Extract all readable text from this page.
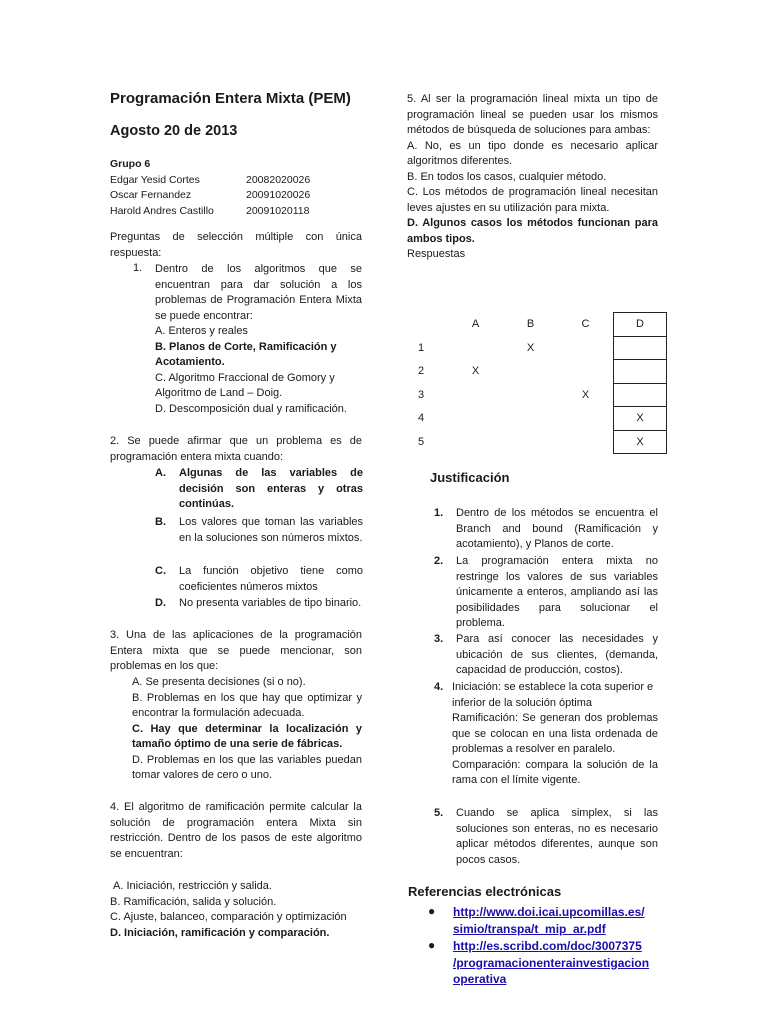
Programación Entera Mixta (PEM)
Agosto 20 de 2013
Grupo 6
Edgar Yesid Cortes	20082020026
Oscar Fernandez	20091020026
Harold Andres Castillo	20091020118
Preguntas de selección múltiple con única respuesta:
1. Dentro de los algoritmos que se encuentran para dar solución a los problemas de Programación Entera Mixta se puede encontrar:
A. Enteros y reales
B. Planos de Corte, Ramificación y Acotamiento.
C. Algoritmo Fraccional de Gomory y Algoritmo de Land – Doig.
D. Descomposición dual y ramificación.
2. Se puede afirmar que un problema es de programación entera mixta cuando:
A. Algunas de las variables de decisión son enteras y otras continúas.
B. Los valores que toman las variables en la soluciones son números mixtos.
C. La función objetivo tiene como coeficientes números mixtos
D. No presenta variables de tipo binario.
3. Una de las aplicaciones de la programación Entera mixta que se puede mencionar, son problemas en los que:
A. Se presenta decisiones (si o no).
B. Problemas en los que hay que optimizar y encontrar la formulación adecuada.
C. Hay que determinar la localización y tamaño óptimo de una serie de fábricas.
D. Problemas en los que las variables puedan tomar valores de cero o uno.
4. El algoritmo de ramificación permite calcular la solución de programación entera Mixta sin restricción. Dentro de los pasos de este algoritmo se encuentran:
A. Iniciación, restricción y salida.
B. Ramificación, salida y solución.
C. Ajuste, balanceo, comparación y optimización
D. Iniciación, ramificación y comparación.
5. Al ser la programación lineal mixta un tipo de programación lineal se pueden usar los mismos métodos de búsqueda de soluciones para ambas:
A. No, es un tipo donde es necesario aplicar algoritmos diferentes.
B. En todos los casos, cualquier método.
C. Los métodos de programación lineal necesitan leves ajustes en su utilización para mixta.
D. Algunos casos los métodos funcionan para ambos tipos.
Respuestas
	A	B	C	D
1		X		
2	X			
3			X	
4				X
5				X
Justificación
1. Dentro de los métodos se encuentra el Branch and bound (Ramificación y acotamiento), y Planos de corte.
2. La programación entera mixta no restringe los valores de sus variables únicamente a enteros, ampliando así las posibilidades para solucionar el problema.
3. Para así conocer las necesidades y ubicación de sus clientes, (demanda, capacidad de producción, costos).
4. Iniciación: se establece la cota superior e inferior de la solución óptima
Ramificación: Se generan dos problemas que se colocan en una lista ordenada de problemas a resolver en paralelo.
Comparación: compara la solución de la rama con el límite vigente.
5. Cuando se aplica simplex, si las soluciones son enteras, no es necesario aplicar métodos diferentes, aunque son pocos casos.
Referencias electrónicas
● http://www.doi.icai.upcomillas.es/
simio/transpa/t_mip_ar.pdf
● http://es.scribd.com/doc/3007375
/programacionenterainvestigacion
operativa
